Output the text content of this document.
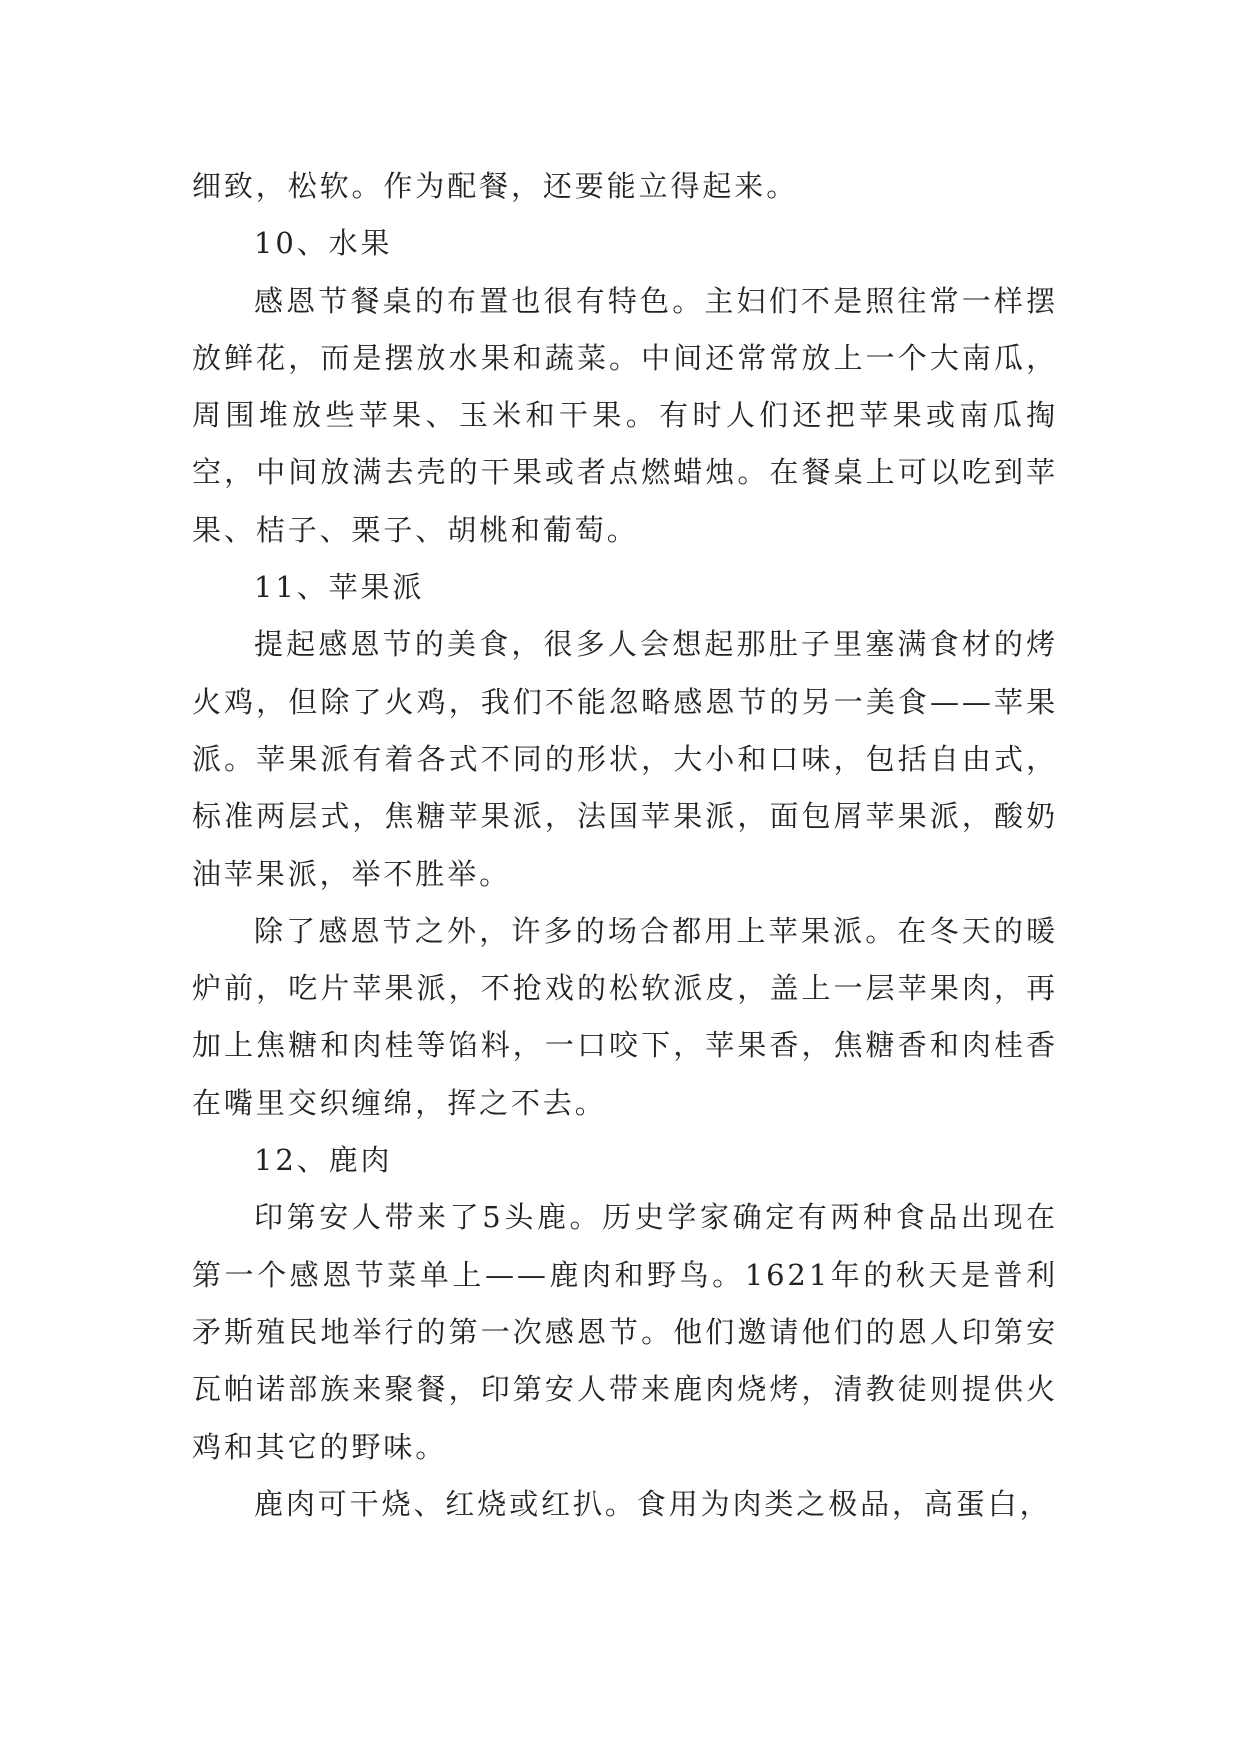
细致，松软。作为配餐，还要能立得起来。

10、水果

感恩节餐桌的布置也很有特色。主妇们不是照往常一样摆放鲜花，而是摆放水果和蔬菜。中间还常常放上一个大南瓜，周围堆放些苹果、玉米和干果。有时人们还把苹果或南瓜掏空，中间放满去壳的干果或者点燃蜡烛。在餐桌上可以吃到苹果、桔子、栗子、胡桃和葡萄。

11、苹果派

提起感恩节的美食，很多人会想起那肚子里塞满食材的烤火鸡，但除了火鸡，我们不能忽略感恩节的另一美食——苹果派。苹果派有着各式不同的形状，大小和口味，包括自由式，标准两层式，焦糖苹果派，法国苹果派，面包屑苹果派，酸奶油苹果派，举不胜举。

除了感恩节之外，许多的场合都用上苹果派。在冬天的暖炉前，吃片苹果派，不抢戏的松软派皮，盖上一层苹果肉，再加上焦糖和肉桂等馅料，一口咬下，苹果香，焦糖香和肉桂香在嘴里交织缠绵，挥之不去。

12、鹿肉

印第安人带来了5头鹿。历史学家确定有两种食品出现在第一个感恩节菜单上——鹿肉和野鸟。1621年的秋天是普利矛斯殖民地举行的第一次感恩节。他们邀请他们的恩人印第安瓦帕诺部族来聚餐，印第安人带来鹿肉烧烤，清教徒则提供火鸡和其它的野味。

鹿肉可干烧、红烧或红扒。食用为肉类之极品，高蛋白，
